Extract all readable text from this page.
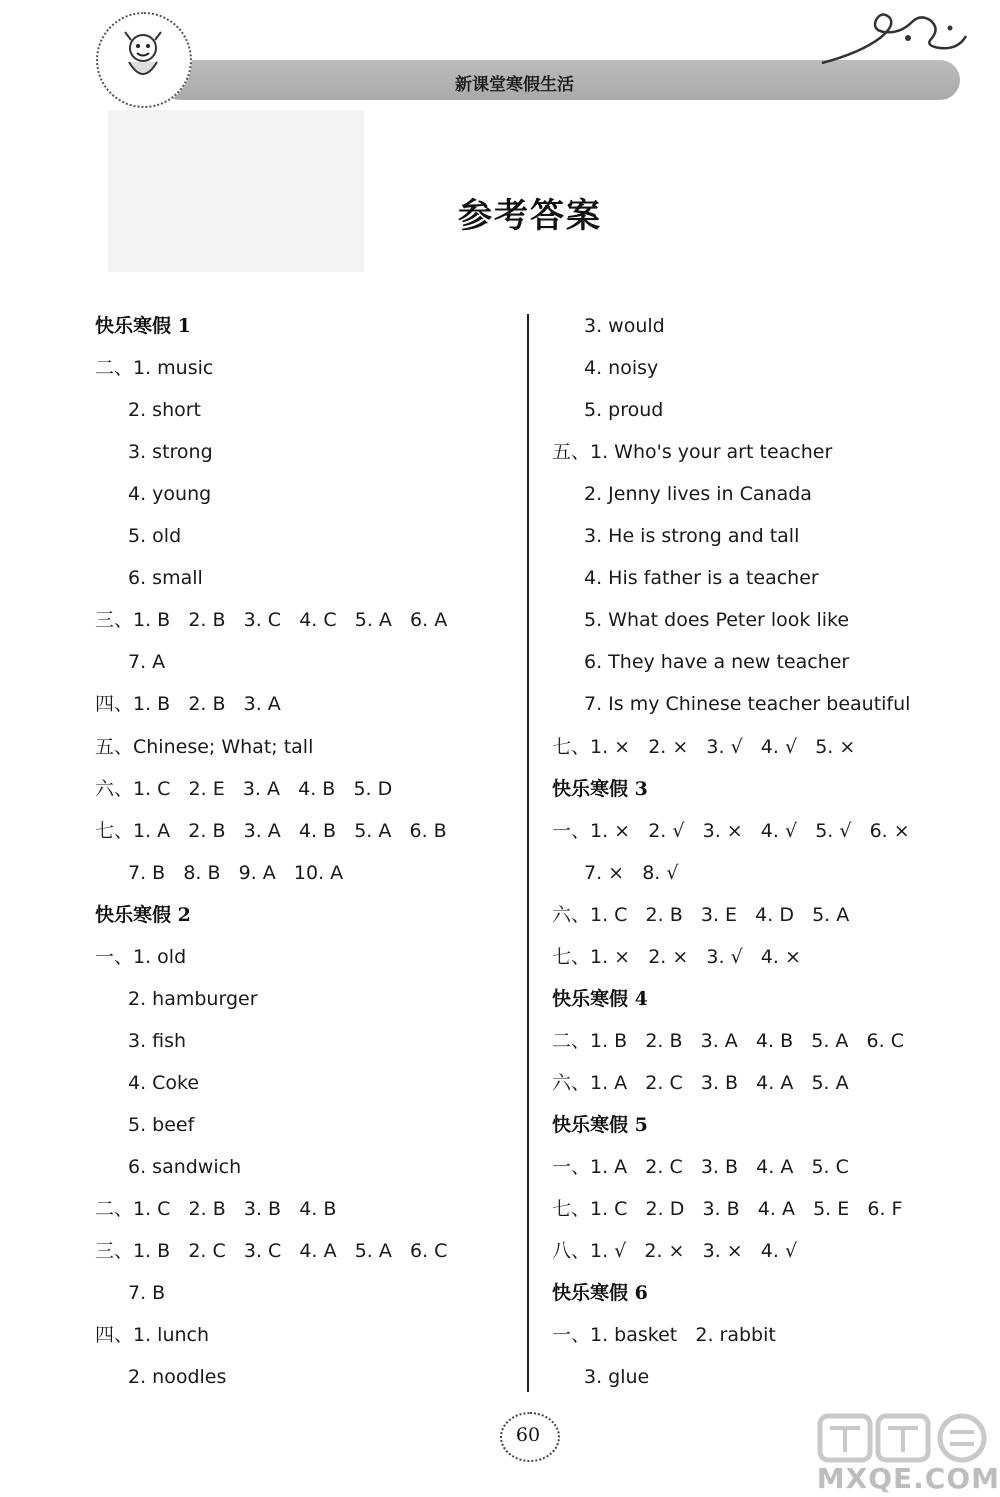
新课堂寒假生活
参考答案
快乐寒假 1
二、1. music
2. short
3. strong
4. young
5. old
6. small
三、1. B   2. B   3. C   4. C   5. A   6. A
7. A
四、1. B   2. B   3. A
五、Chinese; What; tall
六、1. C   2. E   3. A   4. B   5. D
七、1. A   2. B   3. A   4. B   5. A   6. B
7. B   8. B   9. A   10. A
快乐寒假 2
一、1. old
2. hamburger
3. fish
4. Coke
5. beef
6. sandwich
二、1. C   2. B   3. B   4. B
三、1. B   2. C   3. C   4. A   5. A   6. C
7. B
四、1. lunch
2. noodles
3. would
4. noisy
5. proud
五、1. Who's your art teacher
2. Jenny lives in Canada
3. He is strong and tall
4. His father is a teacher
5. What does Peter look like
6. They have a new teacher
7. Is my Chinese teacher beautiful
七、1. ×   2. ×   3. √   4. √   5. ×
快乐寒假 3
一、1. ×   2. √   3. ×   4. √   5. √   6. ×
7. ×   8. √
六、1. C   2. B   3. E   4. D   5. A
七、1. ×   2. ×   3. √   4. ×
快乐寒假 4
二、1. B   2. B   3. A   4. B   5. A   6. C
六、1. A   2. C   3. B   4. A   5. A
快乐寒假 5
一、1. A   2. C   3. B   4. A   5. C
七、1. C   2. D   3. B   4. A   5. E   6. F
八、1. √   2. ×   3. ×   4. √
快乐寒假 6
一、1. basket   2. rabbit
3. glue
60
MXQE.COM
